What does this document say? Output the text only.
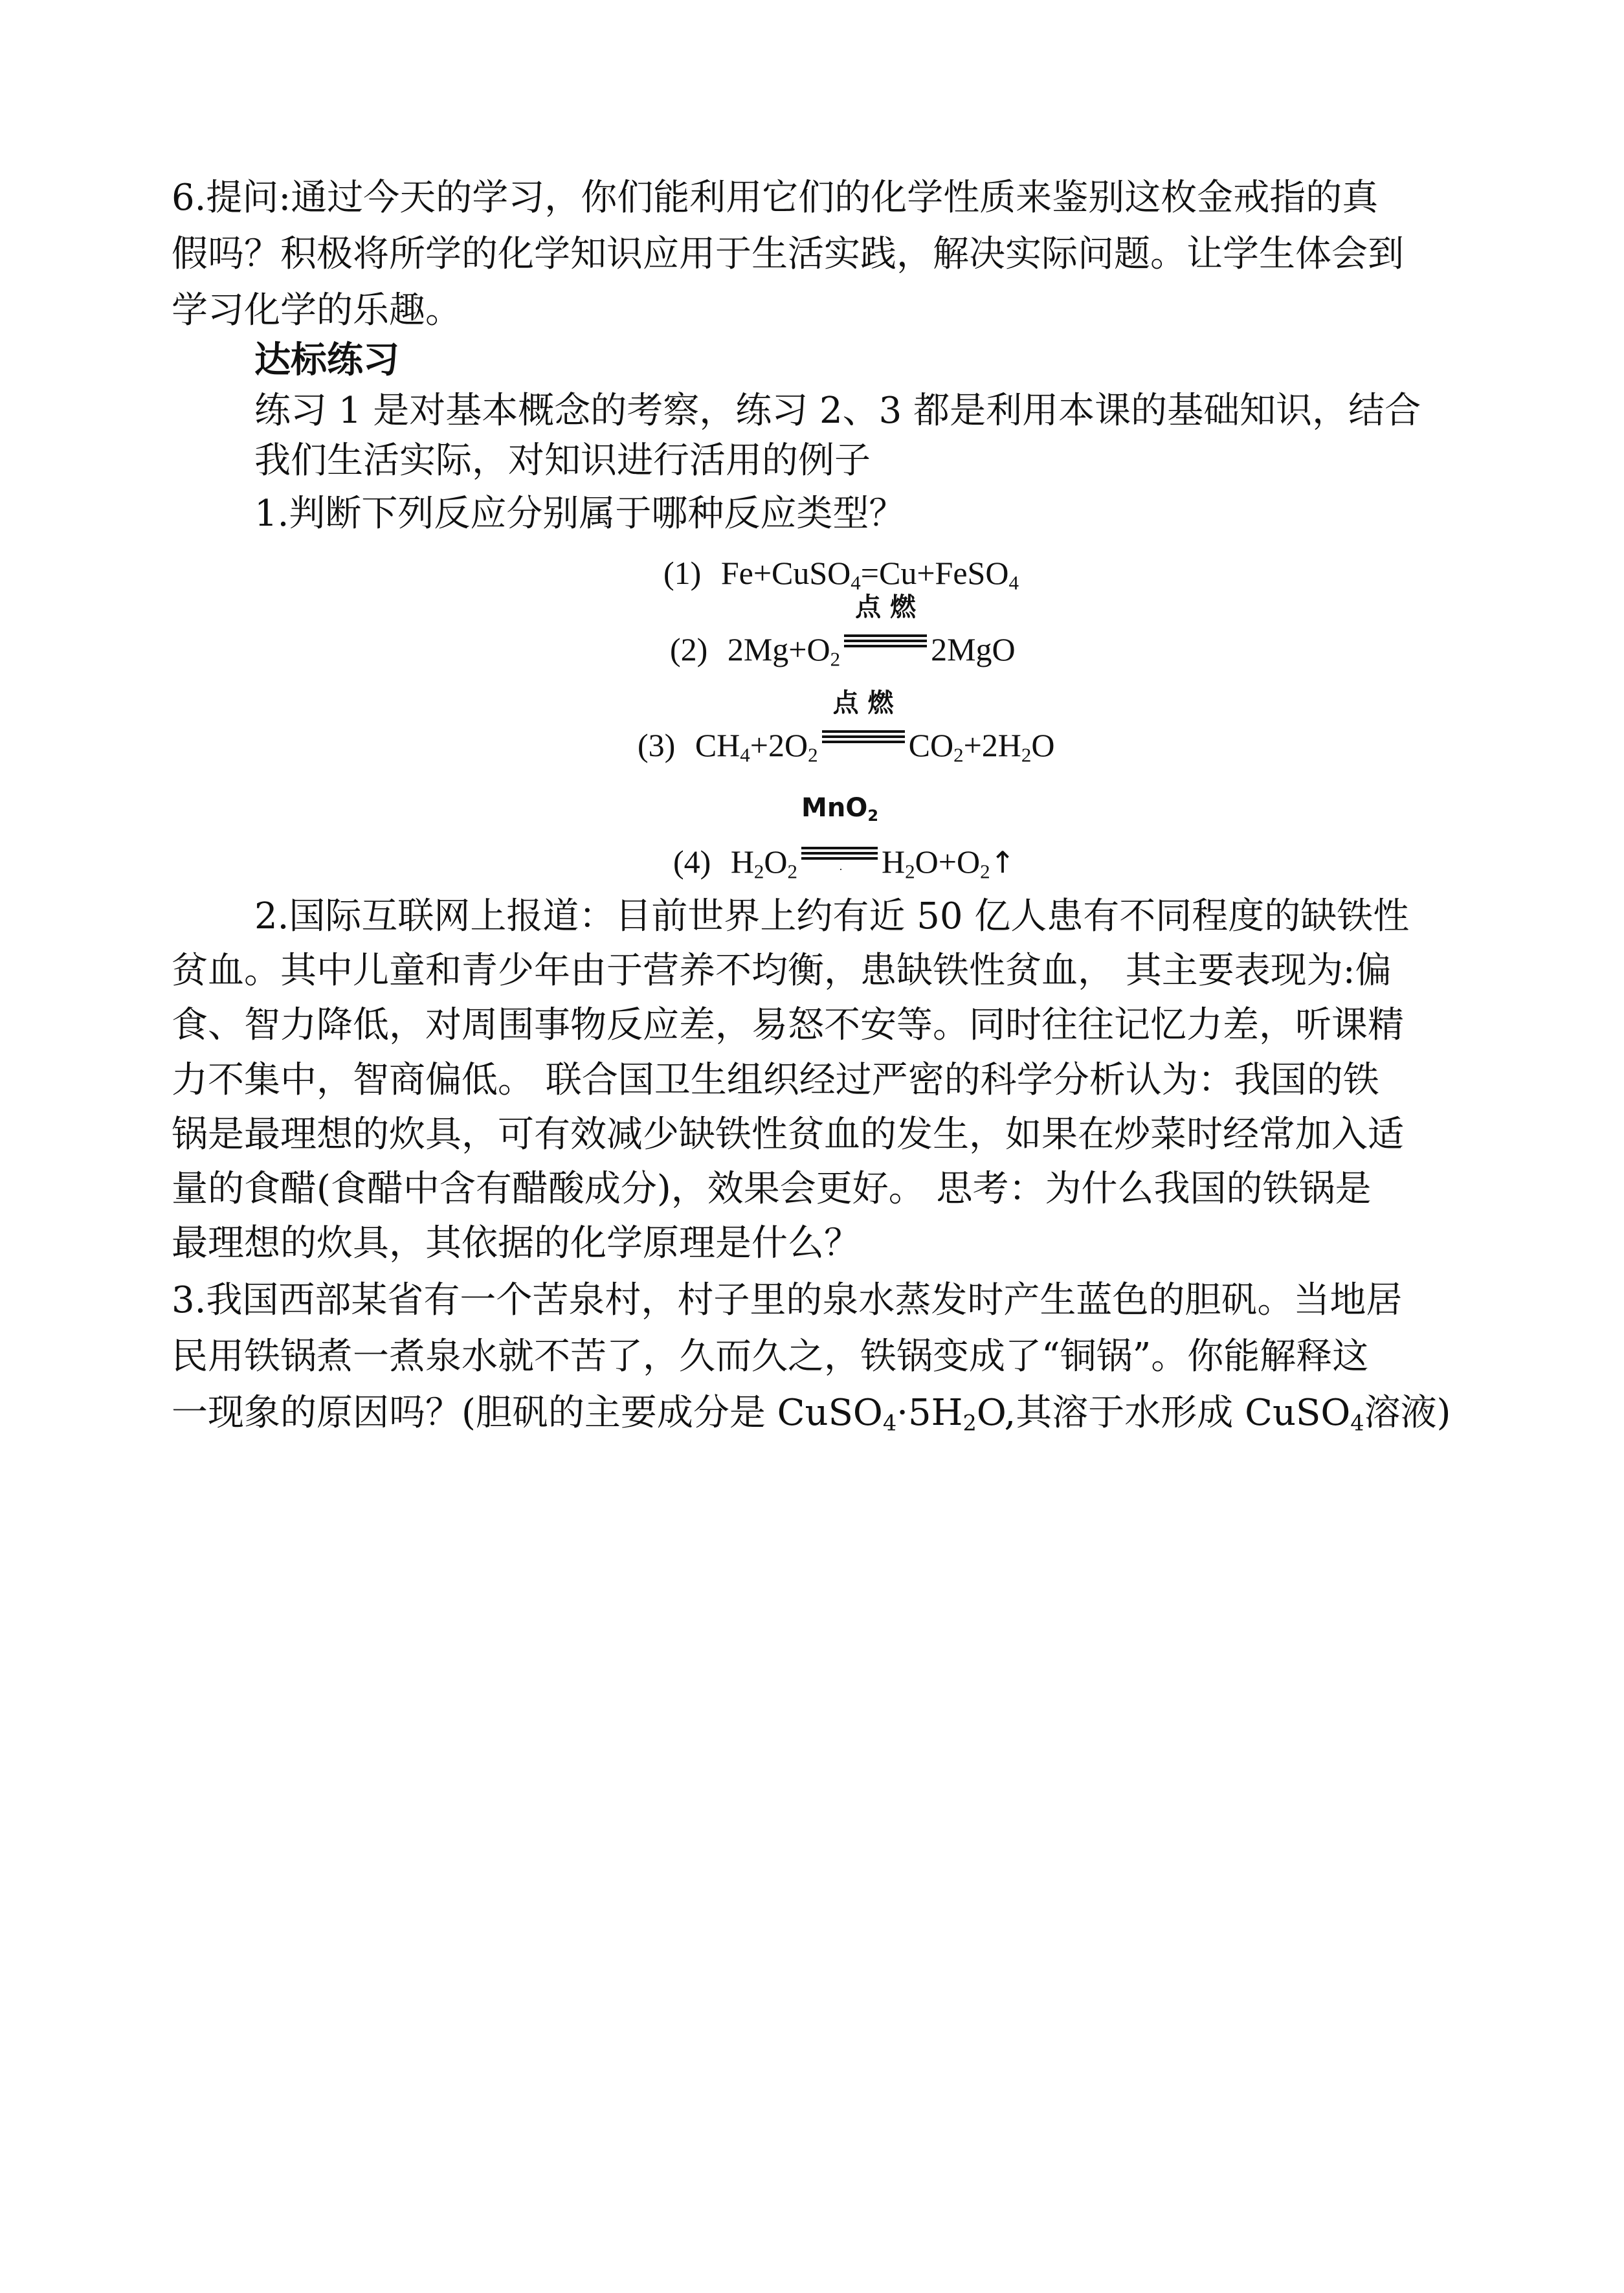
6.提问:通过今天的学习，你们能利用它们的化学性质来鉴别这枚金戒指的真
假吗？积极将所学的化学知识应用于生活实践，解决实际问题。让学生体会到
学习化学的乐趣。
达标练习
练习 1 是对基本概念的考察，练习 2、3 都是利用本课的基础知识，结合
我们生活实际，对知识进行活用的例子
1.判断下列反应分别属于哪种反应类型？
(1) Fe+CuSO$_4$=Cu+FeSO$_4$
(2) $2Mg+O_2$
点 燃
2MgO
(3) $CH_4+2O_2$
点 燃
$CO_2+2H_2O$
(4) $H_2O_2$
MnO$_2$
· $H_2O+O_2↑$
2.国际互联网上报道：目前世界上约有近 50 亿人患有不同程度的缺铁性
贫血。其中儿童和青少年由于营养不均衡，患缺铁性贫血， 其主要表现为:偏
食、智力降低，对周围事物反应差，易怒不安等。同时往往记忆力差，听课精
力不集中，智商偏低。 联合国卫生组织经过严密的科学分析认为：我国的铁
锅是最理想的炊具，可有效减少缺铁性贫血的发生，如果在炒菜时经常加入适
量的食醋(食醋中含有醋酸成分)，效果会更好。 思考：为什么我国的铁锅是
最理想的炊具，其依据的化学原理是什么？
3.我国西部某省有一个苦泉村，村子里的泉水蒸发时产生蓝色的胆矾。当地居
民用铁锅煮一煮泉水就不苦了，久而久之，铁锅变成了“铜锅”。你能解释这
一现象的原因吗？(胆矾的主要成分是 $CuSO_4\cdot 5H_2O$,其溶于水形成 CuSO$_4$溶液)
